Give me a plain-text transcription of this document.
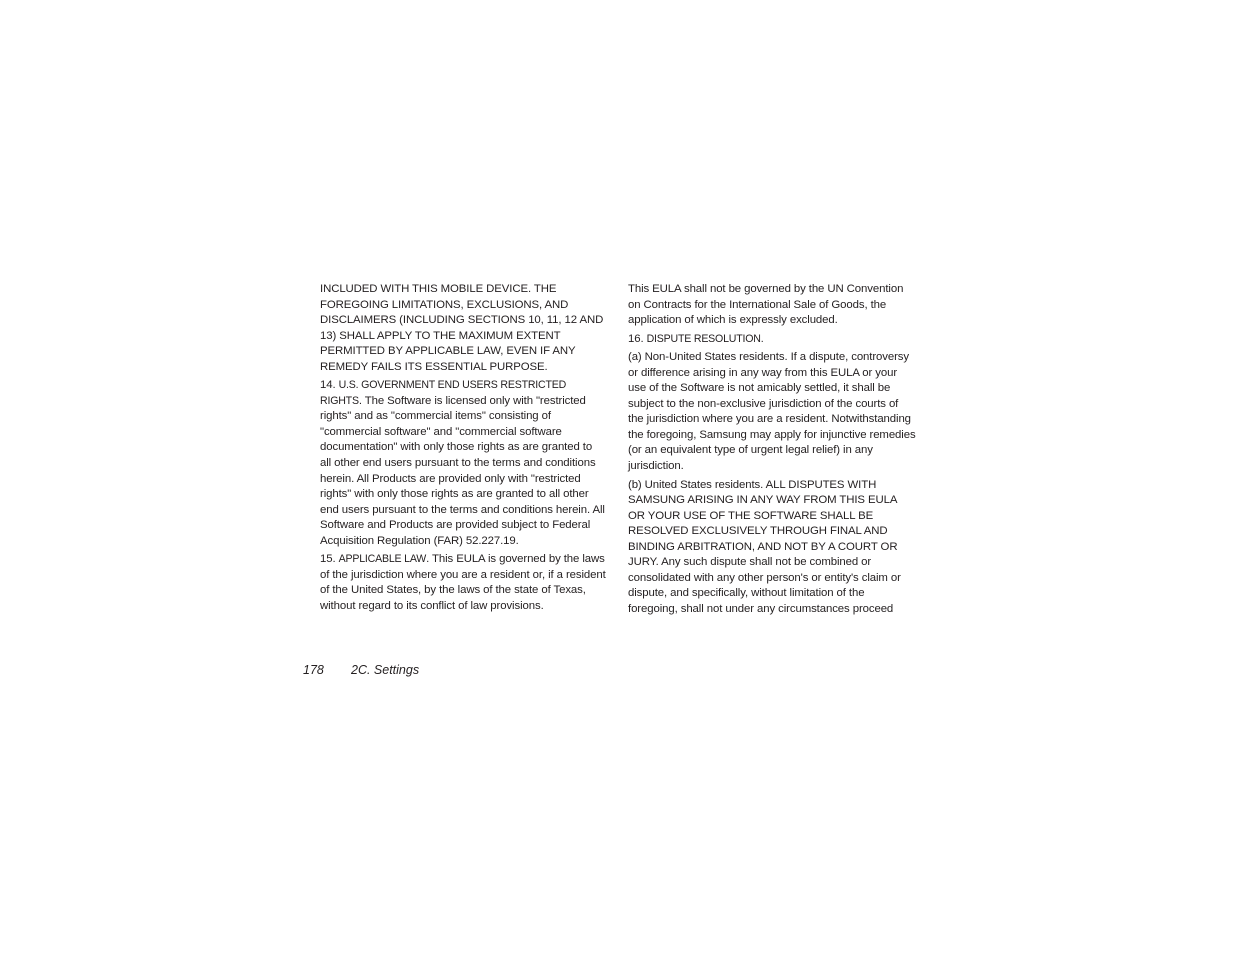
INCLUDED WITH THIS MOBILE DEVICE. THE FOREGOING LIMITATIONS, EXCLUSIONS, AND DISCLAIMERS (INCLUDING SECTIONS 10, 11, 12 AND 13) SHALL APPLY TO THE MAXIMUM EXTENT PERMITTED BY APPLICABLE LAW, EVEN IF ANY REMEDY FAILS ITS ESSENTIAL PURPOSE.

14. U.S. GOVERNMENT END USERS RESTRICTED RIGHTS. The Software is licensed only with "restricted rights" and as "commercial items" consisting of "commercial software" and "commercial software documentation" with only those rights as are granted to all other end users pursuant to the terms and conditions herein. All Products are provided only with "restricted rights" with only those rights as are granted to all other end users pursuant to the terms and conditions herein. All Software and Products are provided subject to Federal Acquisition Regulation (FAR) 52.227.19.

15. APPLICABLE LAW. This EULA is governed by the laws of the jurisdiction where you are a resident or, if a resident of the United States, by the laws of the state of Texas, without regard to its conflict of law provisions.

This EULA shall not be governed by the UN Convention on Contracts for the International Sale of Goods, the application of which is expressly excluded.

16. DISPUTE RESOLUTION.

(a) Non-United States residents. If a dispute, controversy or difference arising in any way from this EULA or your use of the Software is not amicably settled, it shall be subject to the non-exclusive jurisdiction of the courts of the jurisdiction where you are a resident. Notwithstanding the foregoing, Samsung may apply for injunctive remedies (or an equivalent type of urgent legal relief) in any jurisdiction.

(b) United States residents. ALL DISPUTES WITH SAMSUNG ARISING IN ANY WAY FROM THIS EULA OR YOUR USE OF THE SOFTWARE SHALL BE RESOLVED EXCLUSIVELY THROUGH FINAL AND BINDING ARBITRATION, AND NOT BY A COURT OR JURY. Any such dispute shall not be combined or consolidated with any other person's or entity's claim or dispute, and specifically, without limitation of the foregoing, shall not under any circumstances proceed

178 2C. Settings
